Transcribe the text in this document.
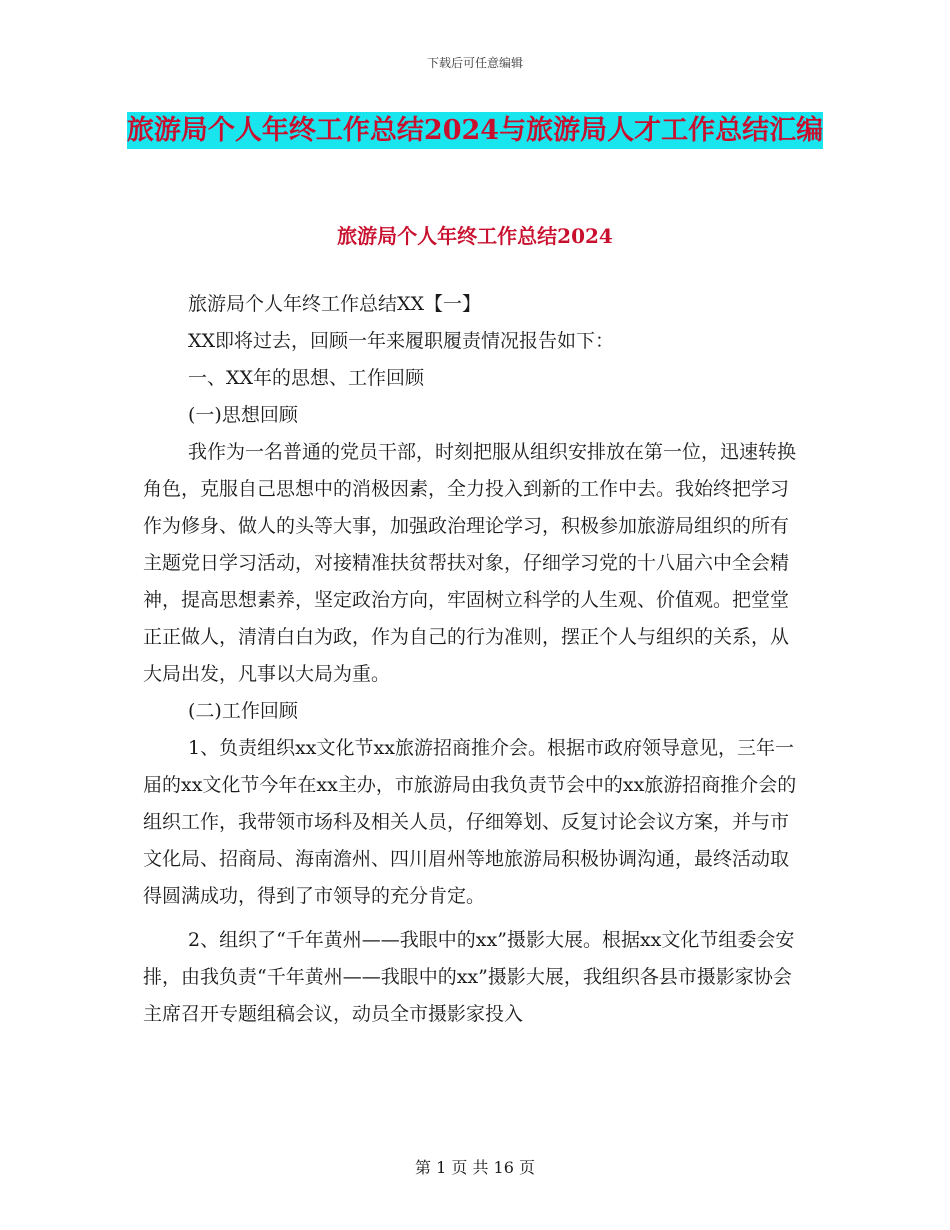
下载后可任意编辑
旅游局个人年终工作总结2024与旅游局人才工作总结汇编
旅游局个人年终工作总结2024

旅游局个人年终工作总结XX【一】

XX即将过去，回顾一年来履职履责情况报告如下：

一、XX年的思想、工作回顾

(一)思想回顾

我作为一名普通的党员干部，时刻把服从组织安排放在第一位，迅速转换角色，克服自己思想中的消极因素，全力投入到新的工作中去。我始终把学习作为修身、做人的头等大事，加强政治理论学习，积极参加旅游局组织的所有主题党日学习活动，对接精准扶贫帮扶对象，仔细学习党的十八届六中全会精神，提高思想素养，坚定政治方向，牢固树立科学的人生观、价值观。把堂堂正正做人，清清白白为政，作为自己的行为准则，摆正个人与组织的关系，从大局出发，凡事以大局为重。

(二)工作回顾

1、负责组织xx文化节xx旅游招商推介会。根据市政府领导意见，三年一届的xx文化节今年在xx主办，市旅游局由我负责节会中的xx旅游招商推介会的组织工作，我带领市场科及相关人员，仔细筹划、反复讨论会议方案，并与市文化局、招商局、海南澹州、四川眉州等地旅游局积极协调沟通，最终活动取得圆满成功，得到了市领导的充分肯定。

2、组织了“千年黄州——我眼中的xx”摄影大展。根据xx文化节组委会安排，由我负责“千年黄州——我眼中的xx”摄影大展，我组织各县市摄影家协会主席召开专题组稿会议，动员全市摄影家投入

第 1 页 共 16 页
